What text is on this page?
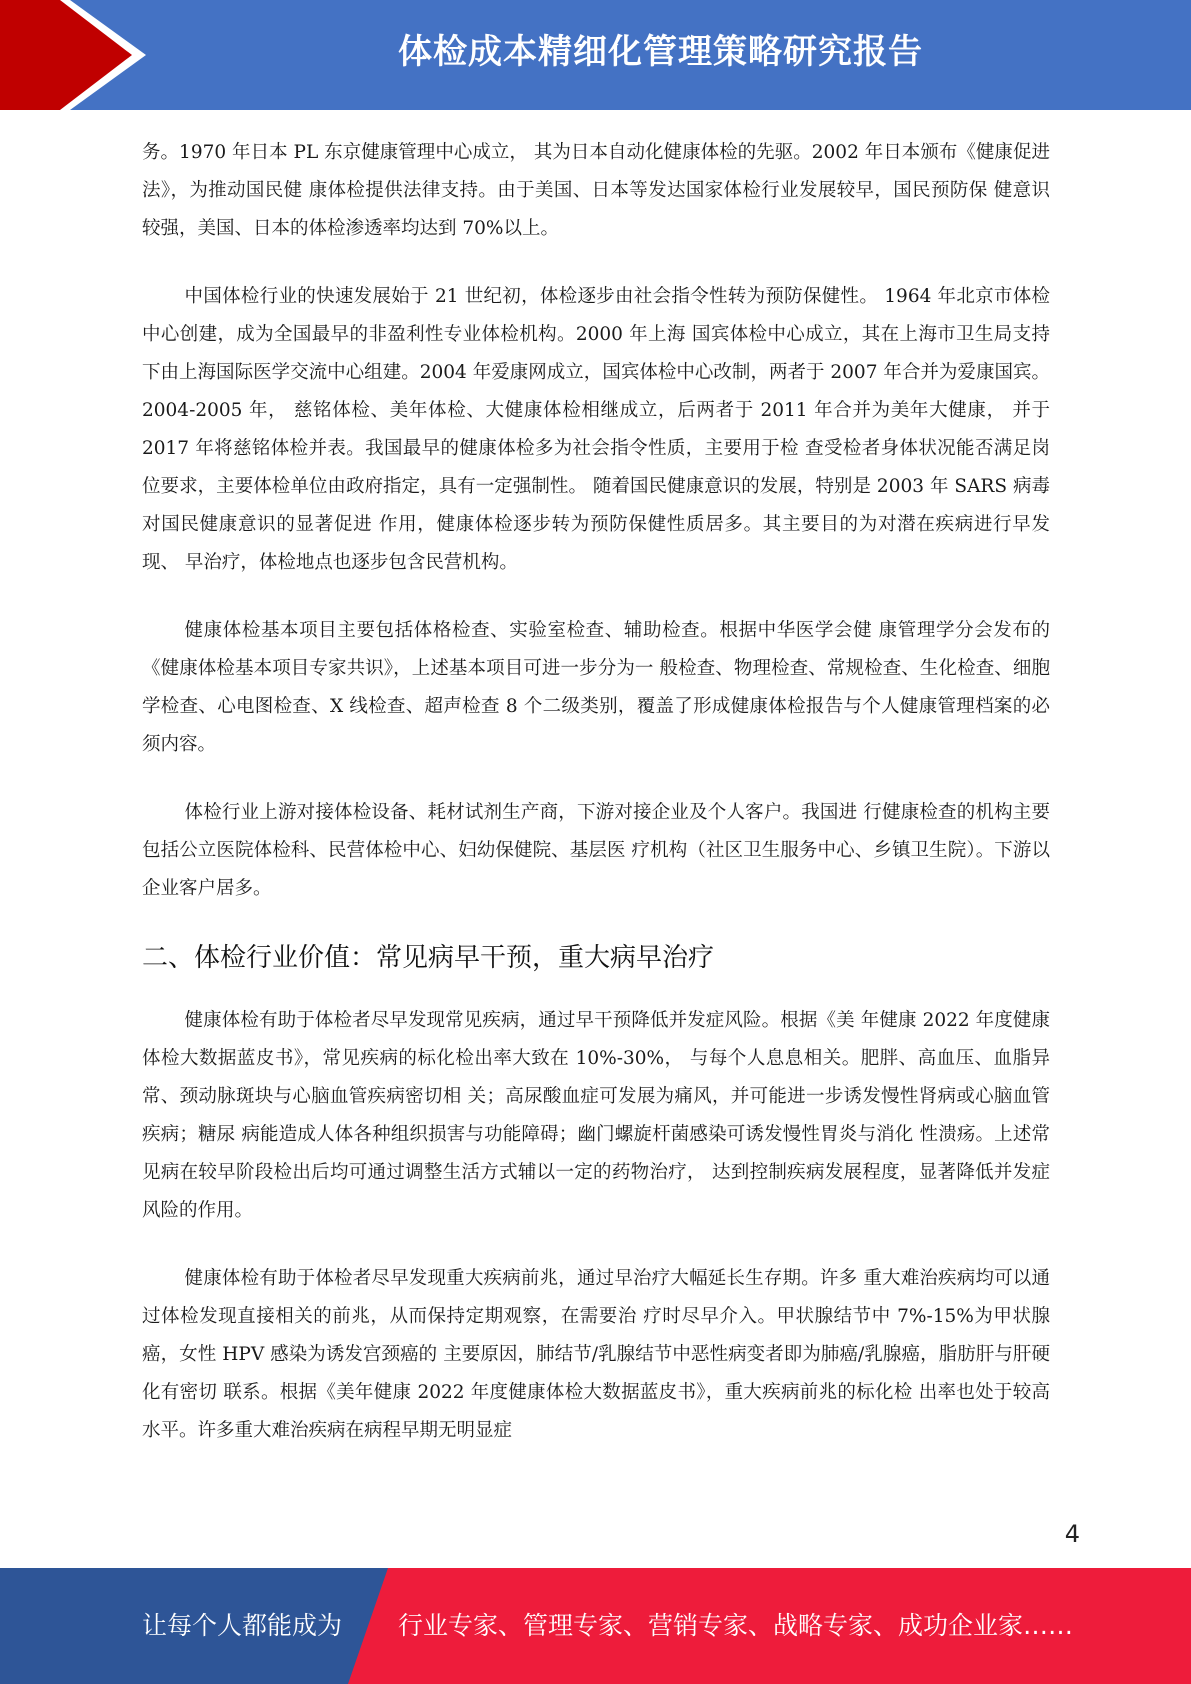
体检成本精细化管理策略研究报告

务。1970 年日本 PL 东京健康管理中心成立， 其为日本自动化健康体检的先驱。2002 年日本颁布《健康促进法》，为推动国民健 康体检提供法律支持。由于美国、日本等发达国家体检行业发展较早，国民预防保 健意识较强，美国、日本的体检渗透率均达到 70%以上。

中国体检行业的快速发展始于 21 世纪初，体检逐步由社会指令性转为预防保健性。 1964 年北京市体检中心创建，成为全国最早的非盈利性专业体检机构。2000 年上海 国宾体检中心成立，其在上海市卫生局支持下由上海国际医学交流中心组建。2004 年爱康网成立，国宾体检中心改制，两者于 2007 年合并为爱康国宾。2004-2005 年， 慈铭体检、美年体检、大健康体检相继成立，后两者于 2011 年合并为美年大健康， 并于 2017 年将慈铭体检并表。我国最早的健康体检多为社会指令性质，主要用于检 查受检者身体状况能否满足岗位要求，主要体检单位由政府指定，具有一定强制性。 随着国民健康意识的发展，特别是 2003 年 SARS 病毒对国民健康意识的显著促进 作用，健康体检逐步转为预防保健性质居多。其主要目的为对潜在疾病进行早发现、 早治疗，体检地点也逐步包含民营机构。

健康体检基本项目主要包括体格检查、实验室检查、辅助检查。根据中华医学会健 康管理学分会发布的《健康体检基本项目专家共识》，上述基本项目可进一步分为一 般检查、物理检查、常规检查、生化检查、细胞学检查、心电图检查、X 线检查、超声检查 8 个二级类别，覆盖了形成健康体检报告与个人健康管理档案的必须内容。

体检行业上游对接体检设备、耗材试剂生产商，下游对接企业及个人客户。我国进 行健康检查的机构主要包括公立医院体检科、民营体检中心、妇幼保健院、基层医 疗机构（社区卫生服务中心、乡镇卫生院）。下游以企业客户居多。

二、体检行业价值：常见病早干预，重大病早治疗

健康体检有助于体检者尽早发现常见疾病，通过早干预降低并发症风险。根据《美 年健康 2022 年度健康体检大数据蓝皮书》，常见疾病的标化检出率大致在 10%-30%， 与每个人息息相关。肥胖、高血压、血脂异常、颈动脉斑块与心脑血管疾病密切相 关；高尿酸血症可发展为痛风，并可能进一步诱发慢性肾病或心脑血管疾病；糖尿 病能造成人体各种组织损害与功能障碍；幽门螺旋杆菌感染可诱发慢性胃炎与消化 性溃疡。上述常见病在较早阶段检出后均可通过调整生活方式辅以一定的药物治疗， 达到控制疾病发展程度，显著降低并发症风险的作用。

健康体检有助于体检者尽早发现重大疾病前兆，通过早治疗大幅延长生存期。许多 重大难治疾病均可以通过体检发现直接相关的前兆，从而保持定期观察，在需要治 疗时尽早介入。甲状腺结节中 7%-15%为甲状腺癌，女性 HPV 感染为诱发宫颈癌的 主要原因，肺结节/乳腺结节中恶性病变者即为肺癌/乳腺癌，脂肪肝与肝硬化有密切 联系。根据《美年健康 2022 年度健康体检大数据蓝皮书》，重大疾病前兆的标化检 出率也处于较高水平。许多重大难治疾病在病程早期无明显症

4
让每个人都能成为 行业专家、管理专家、营销专家、战略专家、成功企业家……
